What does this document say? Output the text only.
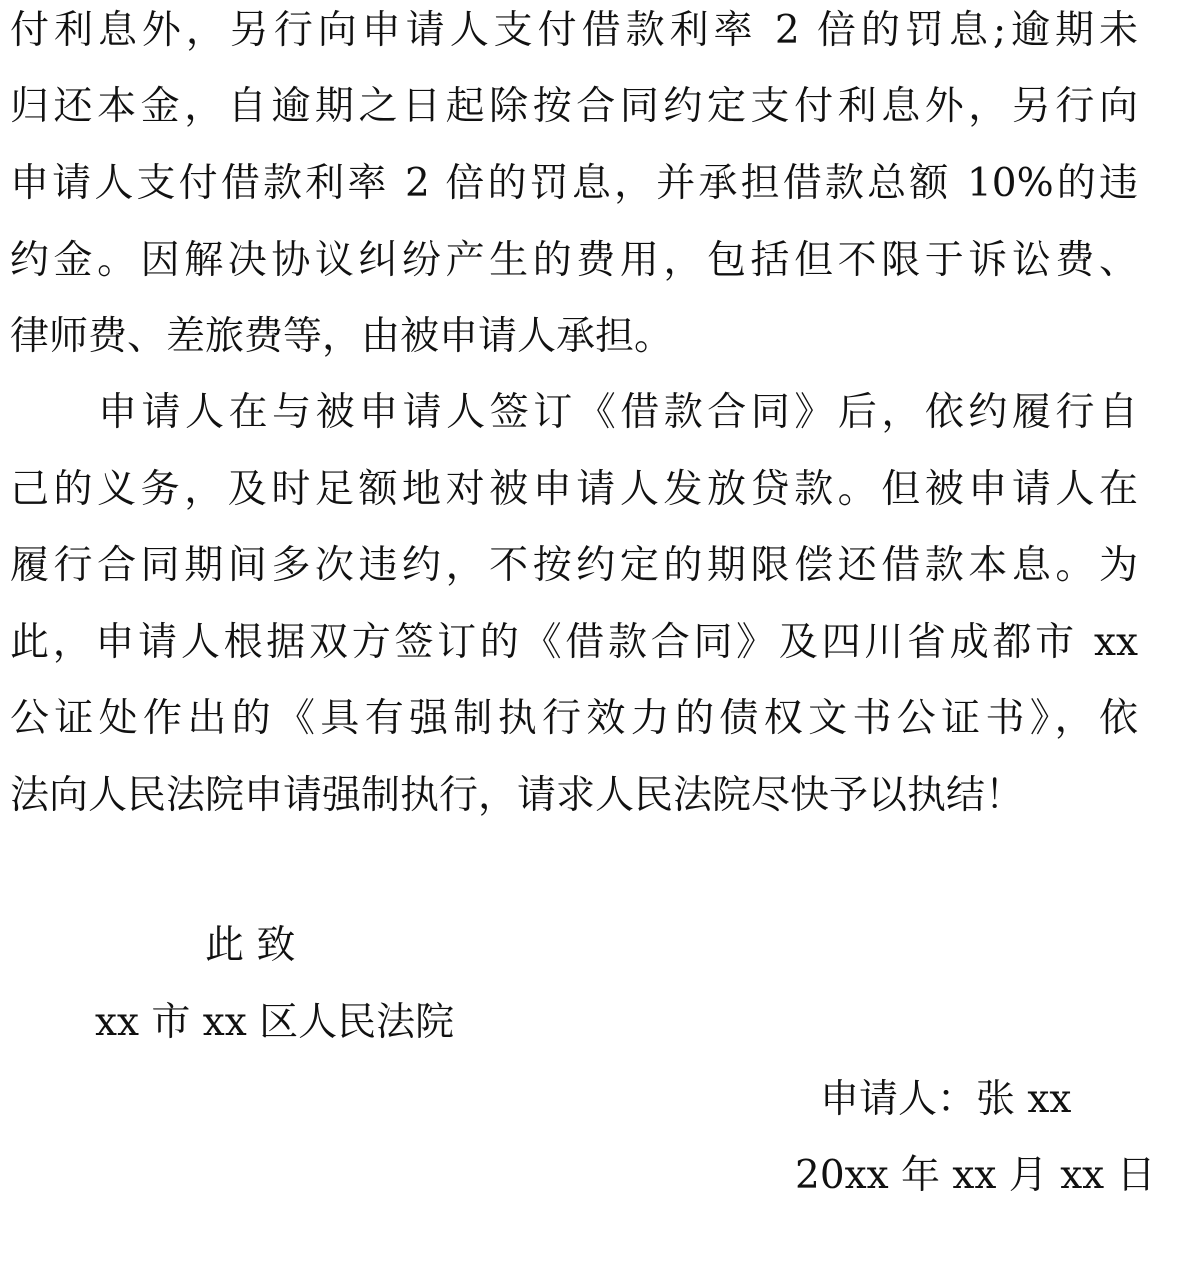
付利息外，另行向申请人支付借款利率 2 倍的罚息;逾期未
归还本金，自逾期之日起除按合同约定支付利息外，另行向
申请人支付借款利率 2 倍的罚息，并承担借款总额 10%的违
约金。因解决协议纠纷产生的费用，包括但不限于诉讼费、
律师费、差旅费等，由被申请人承担。
申请人在与被申请人签订《借款合同》后，依约履行自
己的义务，及时足额地对被申请人发放贷款。但被申请人在
履行合同期间多次违约，不按约定的期限偿还借款本息。为
此，申请人根据双方签订的《借款合同》及四川省成都市 xx
公证处作出的《具有强制执行效力的债权文书公证书》，依
法向人民法院申请强制执行，请求人民法院尽快予以执结！
此 致
xx 市 xx 区人民法院
申请人：张 xx
20xx 年 xx 月 xx 日
